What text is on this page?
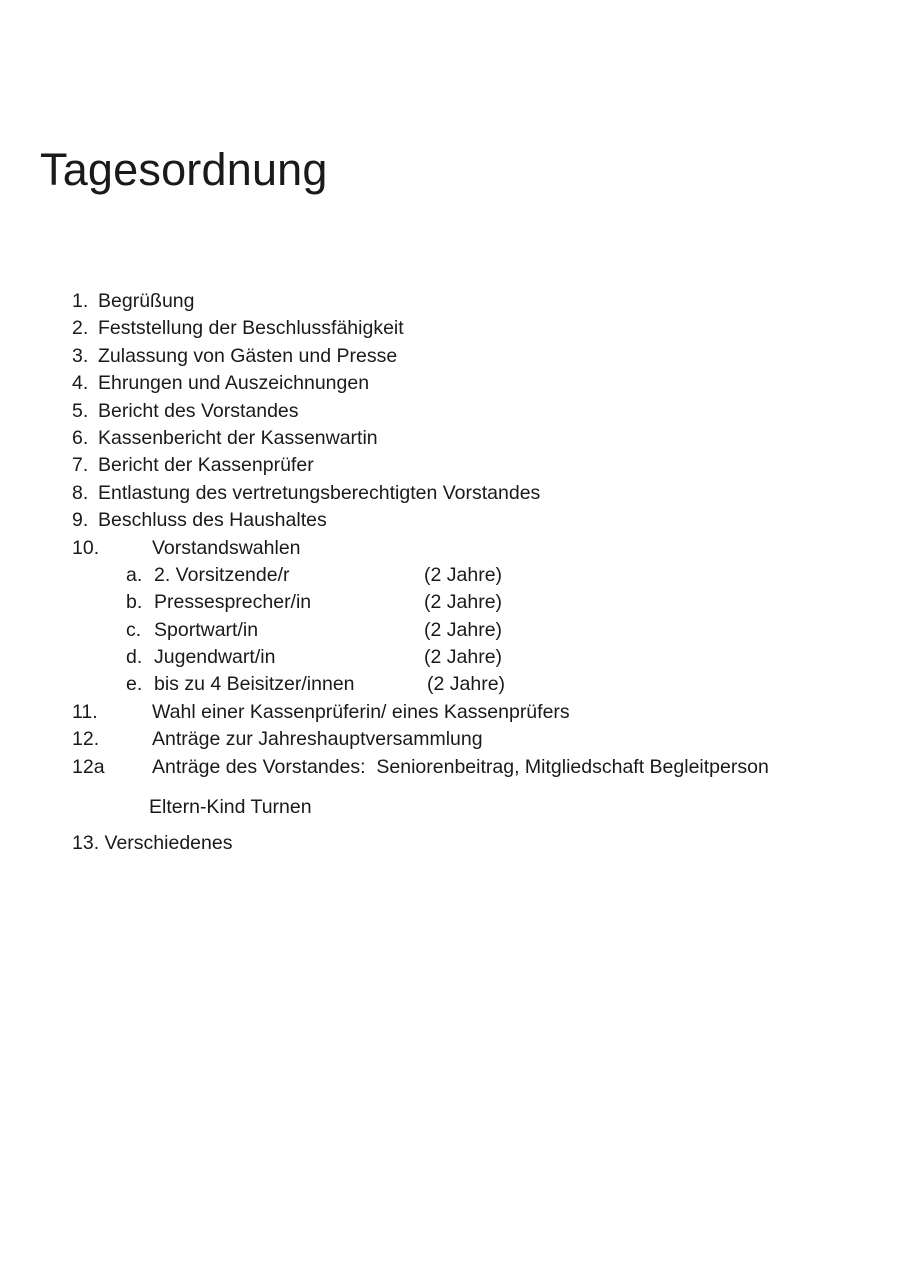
Tagesordnung
1. Begrüßung
2. Feststellung der Beschlussfähigkeit
3. Zulassung von Gästen und Presse
4. Ehrungen und Auszeichnungen
5. Bericht des Vorstandes
6. Kassenbericht der Kassenwartin
7. Bericht der Kassenprüfer
8. Entlastung des vertretungsberechtigten Vorstandes
9. Beschluss des Haushaltes
10.	Vorstandswahlen
a. 2. Vorsitzende/r	(2 Jahre)
b. Pressesprecher/in	(2 Jahre)
c. Sportwart/in	(2 Jahre)
d. Jugendwart/in	(2 Jahre)
e. bis zu 4 Beisitzer/innen	(2 Jahre)
11.	Wahl einer Kassenprüferin/ eines Kassenprüfers
12.	Anträge zur Jahreshauptversammlung
12a Anträge des Vorstandes:  Seniorenbeitrag, Mitgliedschaft Begleitperson
Eltern-Kind Turnen
13. Verschiedenes
